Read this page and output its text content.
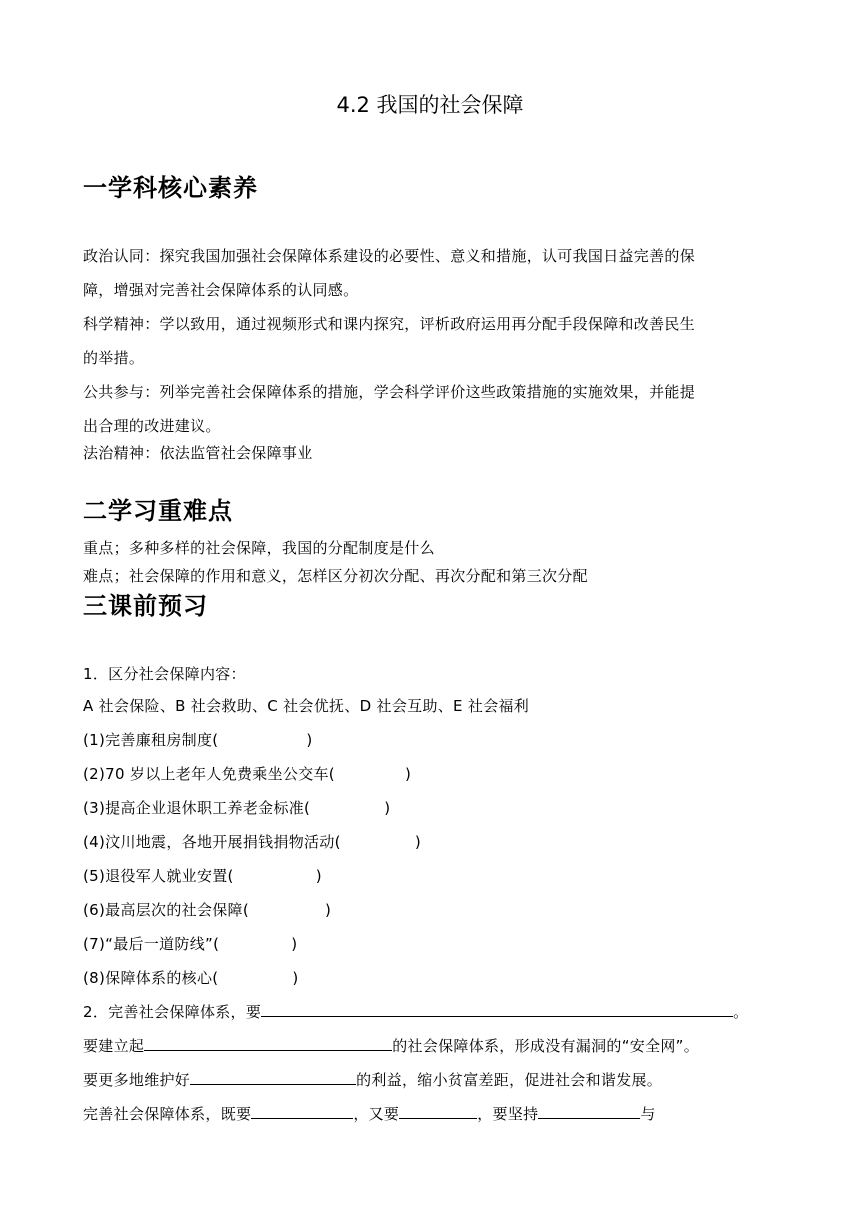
4.2 我国的社会保障
一学科核心素养
政治认同：探究我国加强社会保障体系建设的必要性、意义和措施，认可我国日益完善的保
障，增强对完善社会保障体系的认同感。
科学精神：学以致用，通过视频形式和课内探究，评析政府运用再分配手段保障和改善民生
的举措。
公共参与：列举完善社会保障体系的措施，学会科学评价这些政策措施的实施效果，并能提
出合理的改进建议。
法治精神：依法监管社会保障事业
二学习重难点
重点；多种多样的社会保障，我国的分配制度是什么
难点；社会保障的作用和意义，怎样区分初次分配、再次分配和第三次分配
三课前预习
1．区分社会保障内容：
A 社会保险、B 社会救助、C 社会优抚、D 社会互助、E 社会福利
(1)完善廉租房制度(	)
(2)70 岁以上老年人免费乘坐公交车(	)
(3)提高企业退休职工养老金标准(	)
(4)汶川地震，各地开展捐钱捐物活动(	)
(5)退役军人就业安置(	)
(6)最高层次的社会保障(	)
(7)“最后一道防线”(	)
(8)保障体系的核心(	)
2．完善社会保障体系，要	。
要建立起	的社会保障体系，形成没有漏洞的“安全网”。
要更多地维护好	的利益，缩小贫富差距，促进社会和谐发展。
完善社会保障体系，既要	，又要	，要坚持	与
